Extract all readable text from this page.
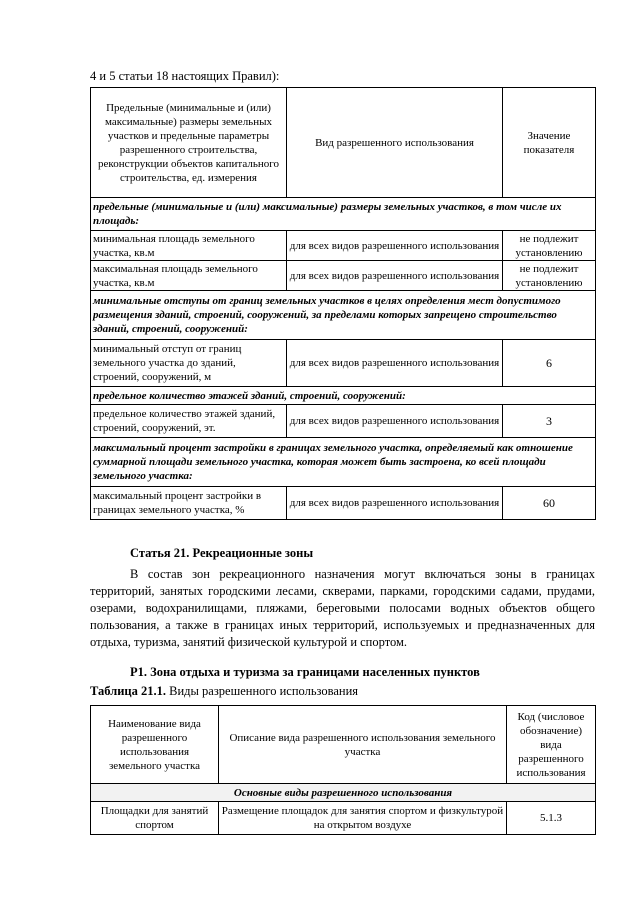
4 и 5 статьи 18 настоящих Правил):
Предельные (минимальные и (или) максимальные) размеры земельных участков и предельные параметры разрешенного строительства, реконструкции объектов капитального строительства, ед. измерения	Вид разрешенного использования	Значение показателя
предельные (минимальные и (или) максимальные) размеры земельных участков, в том числе их площадь:		
минимальная площадь земельного участка, кв.м	для всех видов разрешенного использования	не подлежит установлению
максимальная площадь земельного участка, кв.м	для всех видов разрешенного использования	не подлежит установлению
минимальные отступы от границ земельных участков в целях определения мест допустимого размещения зданий, строений, сооружений, за пределами которых запрещено строительство зданий, строений, сооружений:		
минимальный отступ от границ земельного участка до зданий, строений, сооружений, м	для всех видов разрешенного использования	6
предельное количество этажей зданий, строений, сооружений:		
предельное количество этажей зданий, строений, сооружений, эт.	для всех видов разрешенного использования	3
максимальный процент застройки в границах земельного участка, определяемый как отношение суммарной площади земельного участка, которая может быть застроена, ко всей площади земельного участка:		
максимальный процент застройки в границах земельного участка, %	для всех видов разрешенного использования	60
Статья 21. Рекреационные зоны

В состав зон рекреационного назначения могут включаться зоны в границах территорий, занятых городскими лесами, скверами, парками, городскими садами, прудами, озерами, водохранилищами, пляжами, береговыми полосами водных объектов общего пользования, а также в границах иных территорий, используемых и предназначенных для отдыха, туризма, занятий физической культурой и спортом.

Р1. Зона отдыха и туризма за границами населенных пунктов
Таблица 21.1. Виды разрешенного использования
Наименование вида разрешенного использования земельного участка	Описание вида разрешенного использования земельного участка	Код (числовое обозначение) вида разрешенного использования
Основные виды разрешенного использования		
Площадки для занятий спортом	Размещение площадок для занятия спортом и физкультурой на открытом воздухе	5.1.3
